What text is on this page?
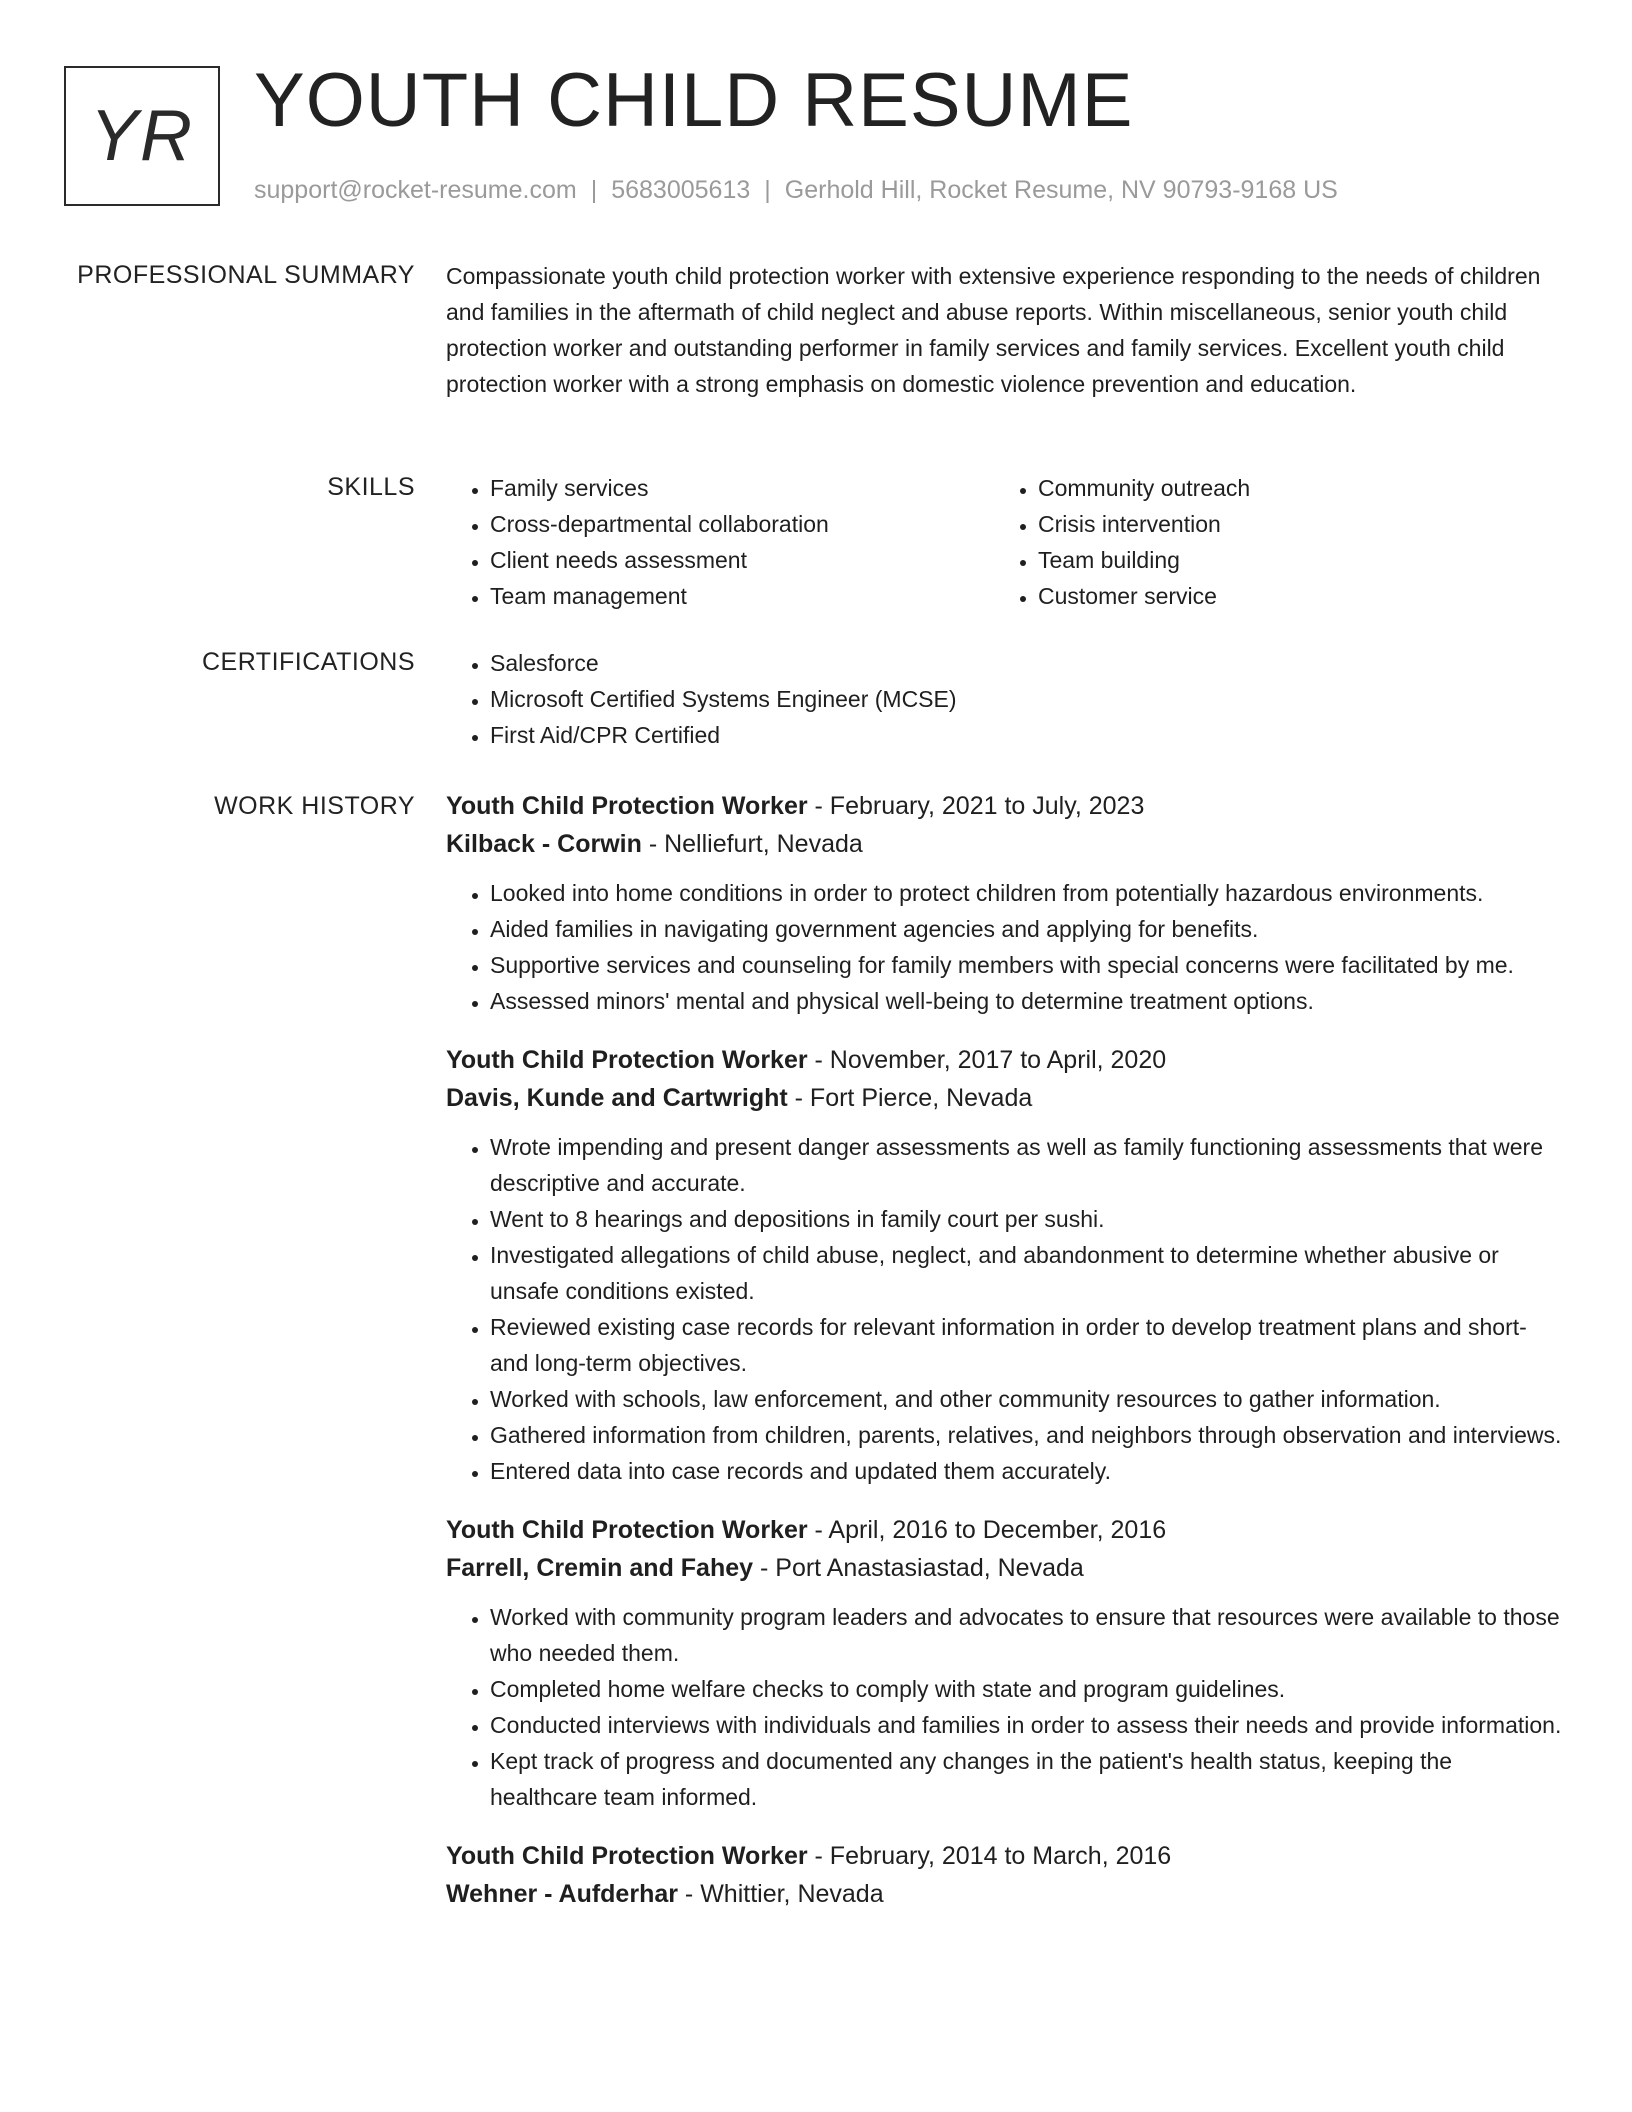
YR YOUTH CHILD RESUME
support@rocket-resume.com | 5683005613 | Gerhold Hill, Rocket Resume, NV 90793-9168 US
PROFESSIONAL SUMMARY Compassionate youth child protection worker with extensive experience responding to the needs of children and families in the aftermath of child neglect and abuse reports. Within miscellaneous, senior youth child protection worker and outstanding performer in family services and family services. Excellent youth child protection worker with a strong emphasis on domestic violence prevention and education.

SKILLS	• Family services
• Cross-departmental collaboration
• Client needs assessment
• Team management
• Community outreach
• Crisis intervention
• Team building
• Customer service
CERTIFICATIONS	• Salesforce
• Microsoft Certified Systems Engineer (MCSE)
• First Aid/CPR Certified
WORK HISTORY Youth Child Protection Worker - February, 2021 to July, 2023
Kilback - Corwin - Nelliefurt, Nevada
• Looked into home conditions in order to protect children from potentially hazardous environments.
• Aided families in navigating government agencies and applying for benefits.
• Supportive services and counseling for family members with special concerns were facilitated by me.
• Assessed minors' mental and physical well-being to determine treatment options.
Youth Child Protection Worker - November, 2017 to April, 2020
Davis, Kunde and Cartwright - Fort Pierce, Nevada
• Wrote impending and present danger assessments as well as family functioning assessments that were descriptive and accurate.
• Went to 8 hearings and depositions in family court per sushi.
• Investigated allegations of child abuse, neglect, and abandonment to determine whether abusive or unsafe conditions existed.
• Reviewed existing case records for relevant information in order to develop treatment plans and short- and long-term objectives.
• Worked with schools, law enforcement, and other community resources to gather information.
• Gathered information from children, parents, relatives, and neighbors through observation and interviews.
• Entered data into case records and updated them accurately.
Youth Child Protection Worker - April, 2016 to December, 2016
Farrell, Cremin and Fahey - Port Anastasiastad, Nevada
• Worked with community program leaders and advocates to ensure that resources were available to those who needed them.
• Completed home welfare checks to comply with state and program guidelines.
• Conducted interviews with individuals and families in order to assess their needs and provide information.
• Kept track of progress and documented any changes in the patient's health status, keeping the healthcare team informed.
Youth Child Protection Worker - February, 2014 to March, 2016
Wehner - Aufderhar - Whittier, Nevada
